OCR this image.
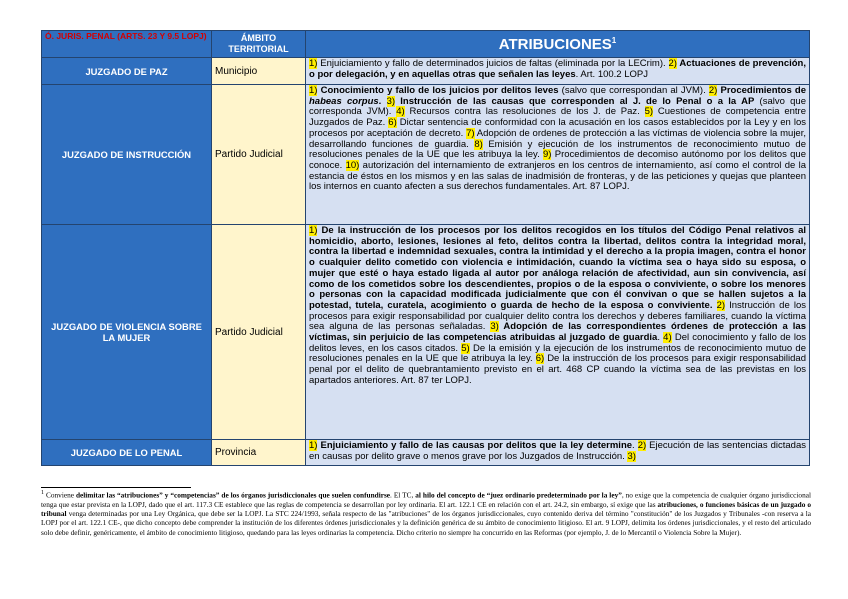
Ó. JURIS. PENAL (ARTS. 23 Y 9.5 LOPJ)	ÁMBITO TERRITORIAL	ATRIBUCIONES$^1$
JUZGADO DE PAZ	Municipio	1) Enjuiciamiento y fallo de determinados juicios de faltas (eliminada por la LECrim). 2) Actuaciones de prevención, o por delegación, y en aquellas otras que señalen las leyes. Art. 100.2 LOPJ
JUZGADO DE INSTRUCCIÓN	Partido Judicial	1) Conocimiento y fallo de los juicios por delitos leves (salvo que correspondan al JVM). 2) Procedimientos de habeas corpus. 3) Instrucción de las causas que corresponden al J. de lo Penal o a la AP (salvo que corresponda JVM). 4) Recursos contra las resoluciones de los J. de Paz. 5) Cuestiones de competencia entre Juzgados de Paz. 6) Dictar sentencia de conformidad con la acusación en los casos establecidos por la Ley y en los procesos por aceptación de decreto. 7) Adopción de ordenes de protección a las víctimas de violencia sobre la mujer, desarrollando funciones de guardia. 8) Emisión y ejecución de los instrumentos de reconocimiento mutuo de resoluciones penales de la UE que les atribuya la ley. 9) Procedimientos de decomiso autónomo por los delitos que conoce. 10) autorización del internamiento de extranjeros en los centros de internamiento, así como el control de la estancia de éstos en los mismos y en las salas de inadmisión de fronteras, y de las peticiones y quejas que planteen los internos en cuanto afecten a sus derechos fundamentales. Art. 87 LOPJ.
JUZGADO DE VIOLENCIA SOBRE LA MUJER	Partido Judicial	1) De la instrucción de los procesos por los delitos recogidos en los títulos del Código Penal relativos al homicidio, aborto, lesiones, lesiones al feto, delitos contra la libertad, delitos contra la integridad moral, contra la libertad e indemnidad sexuales, contra la intimidad y el derecho a la propia imagen, contra el honor o cualquier delito cometido con violencia e intimidación, cuando la víctima sea o haya sido su esposa, o mujer que esté o haya estado ligada al autor por análoga relación de afectividad, aun sin convivencia, así como de los cometidos sobre los descendientes, propios o de la esposa o conviviente, o sobre los menores o personas con la capacidad modificada judicialmente que con él convivan o que se hallen sujetos a la potestad, tutela, curatela, acogimiento o guarda de hecho de la esposa o conviviente. 2) Instrucción de los procesos para exigir responsabilidad por cualquier delito contra los derechos y deberes familiares, cuando la víctima sea alguna de las personas señaladas. 3) Adopción de las correspondientes órdenes de protección a las víctimas, sin perjuicio de las competencias atribuidas al juzgado de guardia. 4) Del conocimiento y fallo de los delitos leves, en los casos citados. 5) De la emisión y la ejecución de los instrumentos de reconocimiento mutuo de resoluciones penales en la UE que le atribuya la ley. 6) De la instrucción de los procesos para exigir responsabilidad penal por el delito de quebrantamiento previsto en el art. 468 CP cuando la víctima sea de las previstas en los apartados anteriores. Art. 87 ter LOPJ.
JUZGADO DE LO PENAL	Provincia	1) Enjuiciamiento y fallo de las causas por delitos que la ley determine. 2) Ejecución de las sentencias dictadas en causas por delito grave o menos grave por los Juzgados de Instrucción. 3)
$^1$ Conviene delimitar las “atribuciones” y “competencias” de los órganos jurisdiccionales que suelen confundirse. El TC, al hilo del concepto de “juez ordinario predeterminado por la ley”, no exige que la competencia de cualquier órgano jurisdiccional tenga que estar prevista en la LOPJ, dado que el art. 117.3 CE establece que las reglas de competencia se desarrollan por ley ordinaria. El art. 122.1 CE en relación con el art. 24.2, sin embargo, sí exige que las atribuciones, o funciones básicas de un juzgado o tribunal venga determinadas por una Ley Orgánica, que debe ser la LOPJ. La STC 224/1993, señala respecto de las "atribuciones" de los órganos jurisdiccionales, cuyo contenido deriva del término "constitución" de los Juzgados y Tribunales -con reserva a la LOPJ por el art. 122.1 CE-, que dicho concepto debe comprender la institución de los diferentes órdenes jurisdiccionales y la definición genérica de su ámbito de conocimiento litigioso. El art. 9 LOPJ, delimita los órdenes jurisdiccionales, y el resto del articulado solo debe definir, genéricamente, el ámbito de conocimiento litigioso, quedando para las leyes ordinarias la competencia. Dicho criterio no siempre ha concurrido en las Reformas (por ejemplo, J. de lo Mercantil o Violencia Sobre la Mujer).
